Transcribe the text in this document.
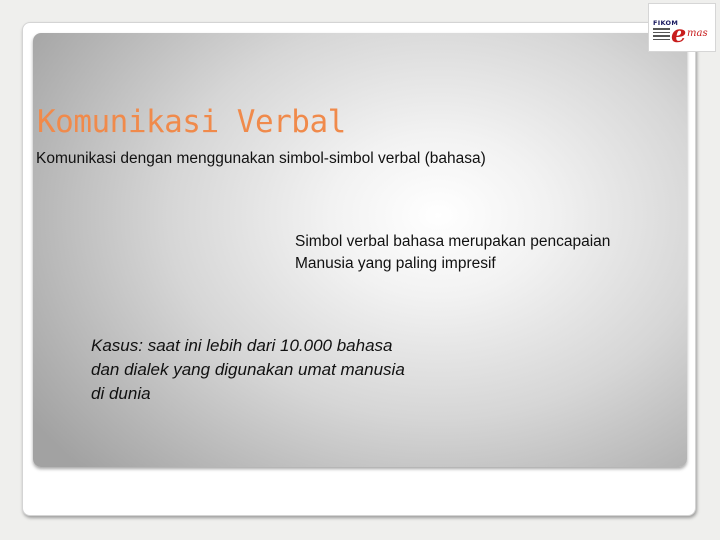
FIKOM
e mas
Komunikasi Verbal

Komunikasi dengan menggunakan simbol-simbol verbal (bahasa)

Simbol verbal bahasa merupakan pencapaian
Manusia yang paling impresif
Kasus: saat ini lebih dari 10.000 bahasa
dan dialek yang digunakan umat manusia
di dunia
